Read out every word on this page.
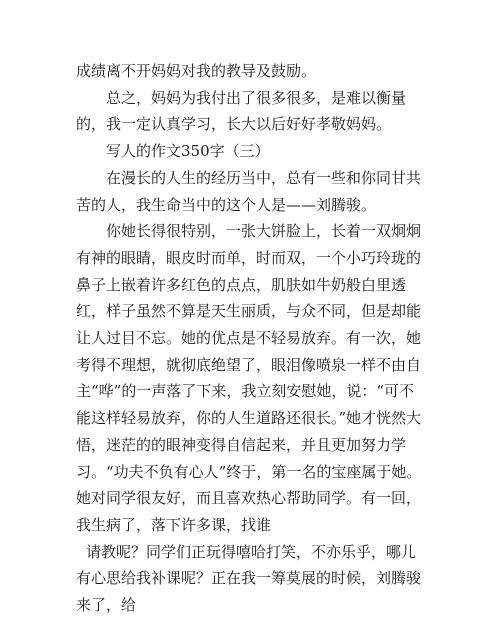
成绩离不开妈妈对我的教导及鼓励。

总之，妈妈为我付出了很多很多，是难以衡量的，我一定认真学习，长大以后好好孝敬妈妈。

写人的作文350字（三）

在漫长的人生的经历当中，总有一些和你同甘共苦的人，我生命当中的这个人是——刘腾骏。

你她长得很特别，一张大饼脸上，长着一双炯炯有神的眼睛，眼皮时而单，时而双，一个小巧玲珑的鼻子上嵌着许多红色的点点，肌肤如牛奶般白里透红，样子虽然不算是天生丽质，与众不同，但是却能让人过目不忘。她的优点是不轻易放弃。有一次，她考得不理想，就彻底绝望了，眼泪像喷泉一样不由自主“哗”的一声落了下来，我立刻安慰她，说：“可不能这样轻易放弃，你的人生道路还很长。”她才恍然大悟，迷茫的的眼神变得自信起来，并且更加努力学习。“功夫不负有心人”终于，第一名的宝座属于她。她对同学很友好，而且喜欢热心帮助同学。有一回，我生病了，落下许多课，找谁

请教呢？同学们正玩得嘻哈打笑，不亦乐乎，哪儿有心思给我补课呢？正在我一筹莫展的时候，刘腾骏来了，给
